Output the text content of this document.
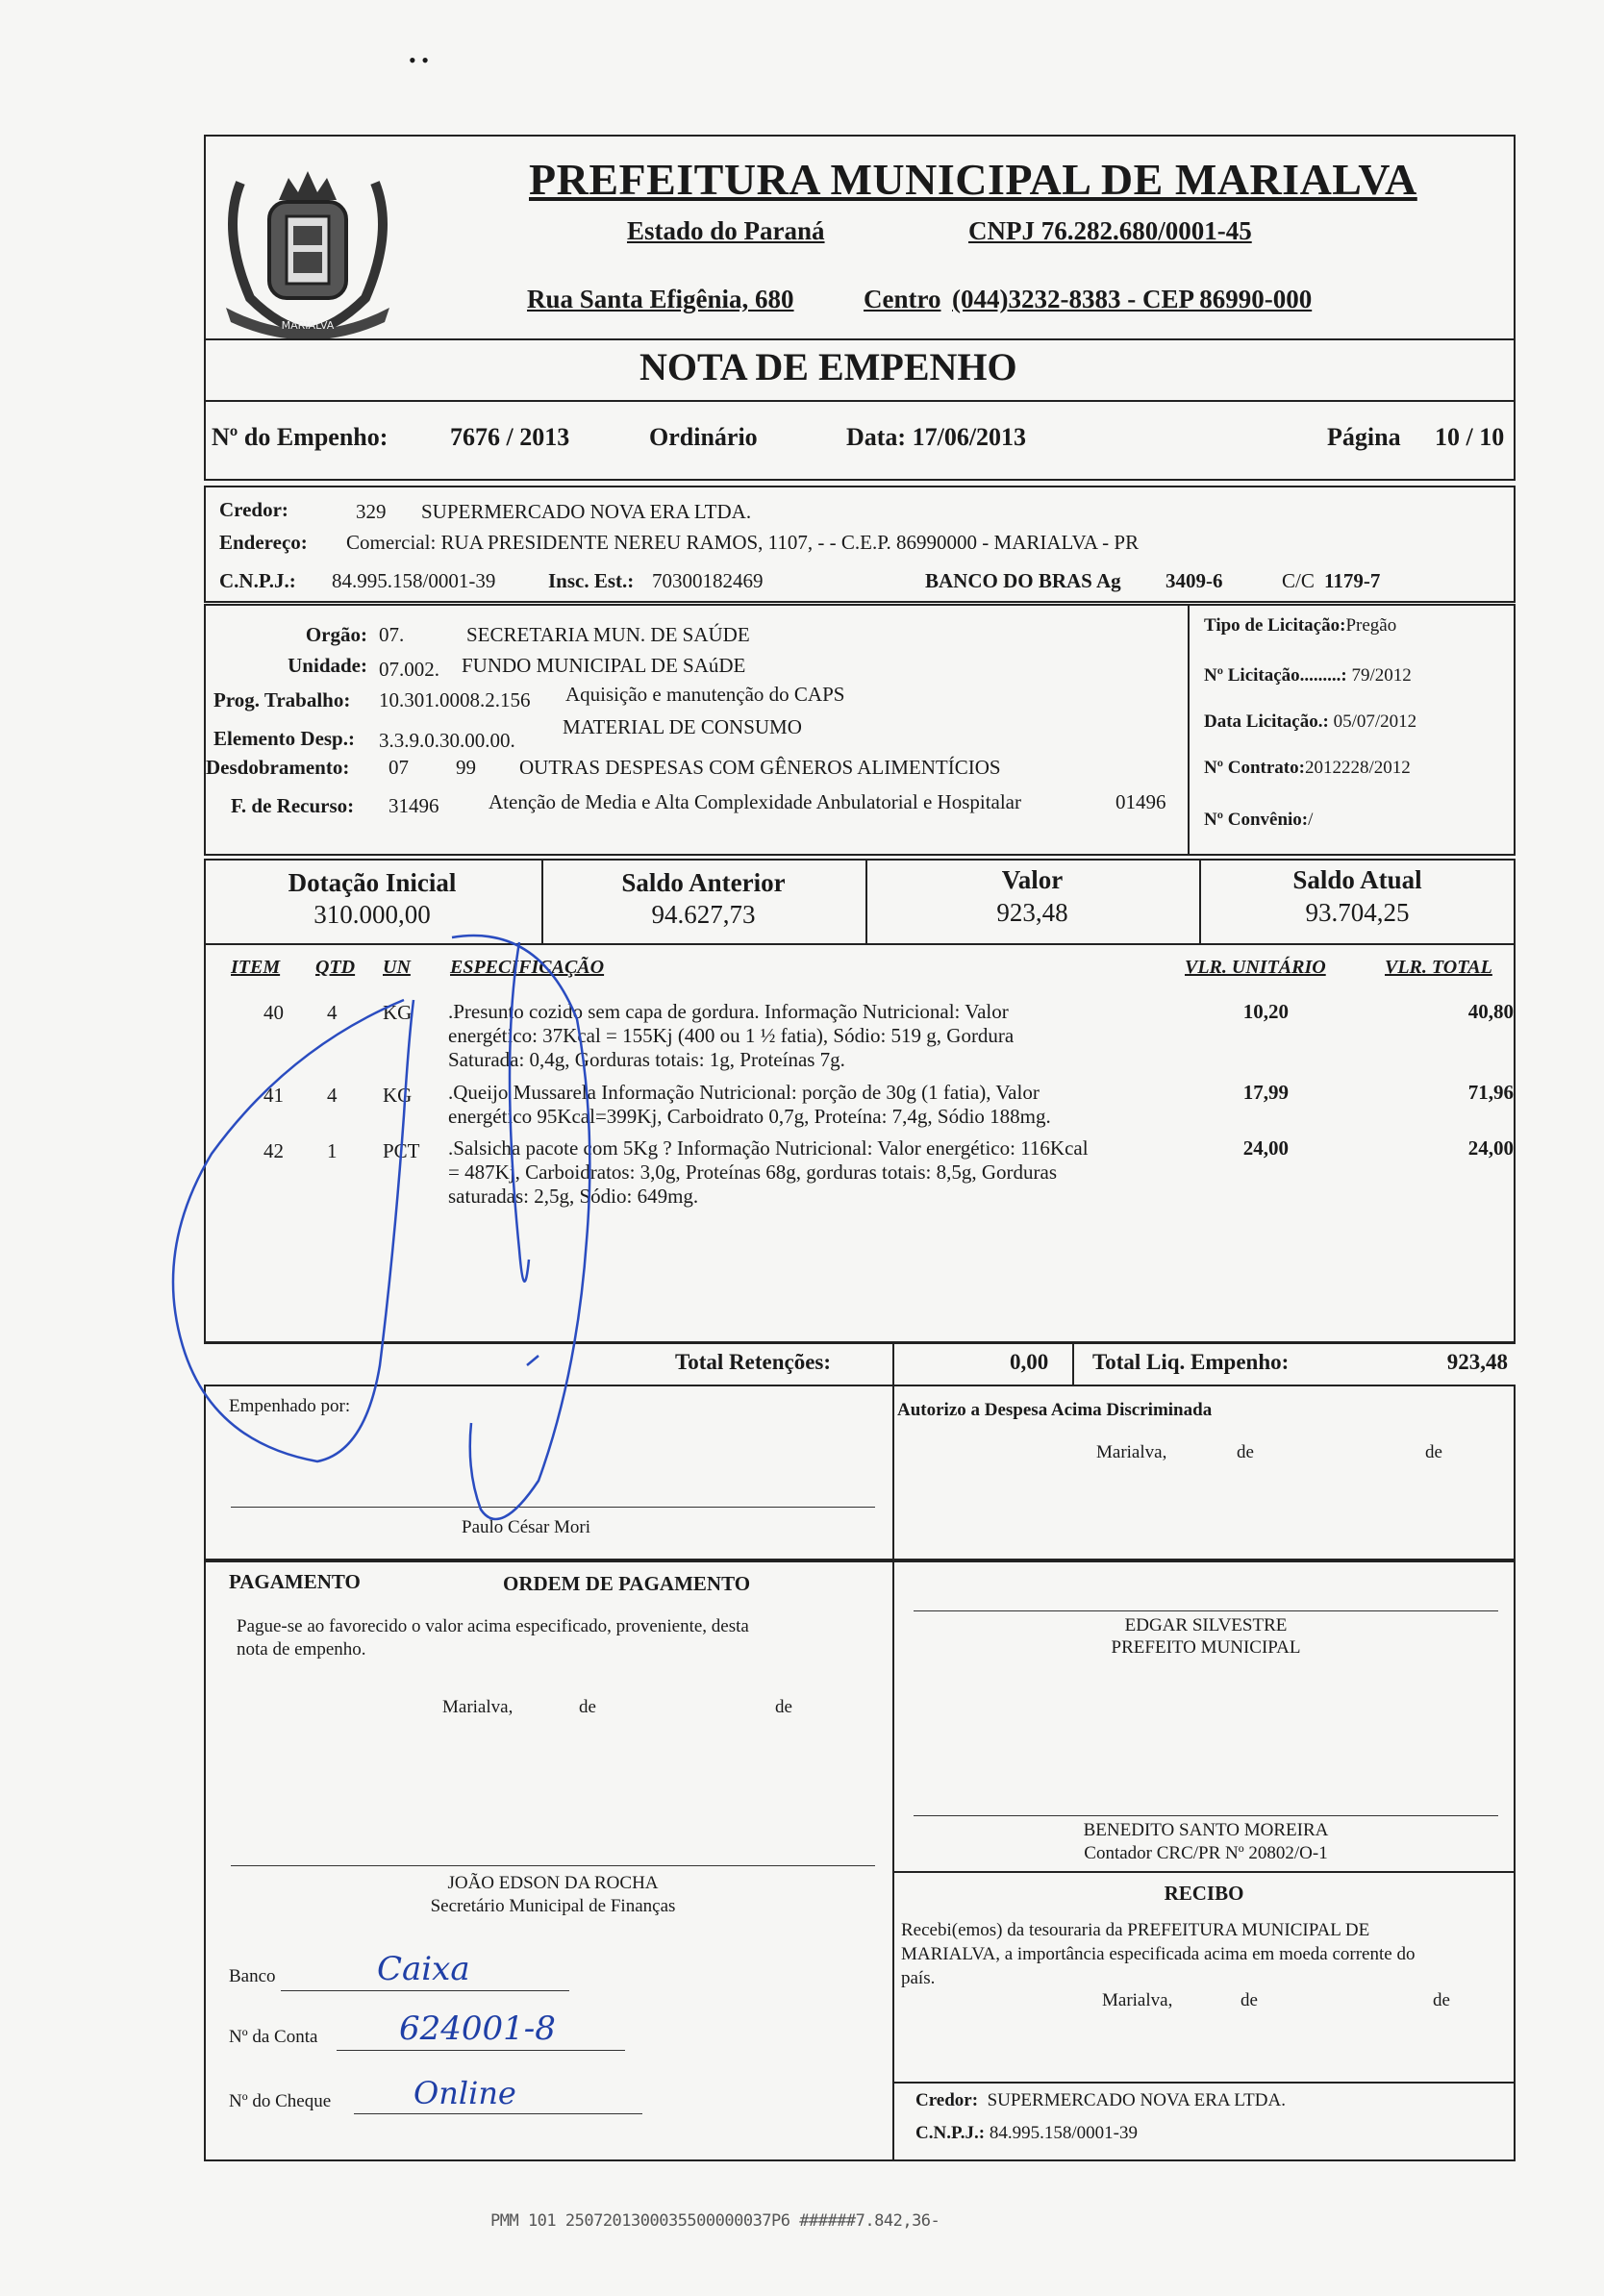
• •
MARIALVA
PREFEITURA MUNICIPAL DE MARIALVA
Estado do Paraná	CNPJ 76.282.680/0001-45
Rua Santa Efigênia, 680	Centro (044)3232-8383 - CEP 86990-000
NOTA DE EMPENHO
Nº do Empenho: 7676 / 2013	Ordinário	Data: 17/06/2013	Página 10 / 10
Credor:	329 SUPERMERCADO NOVA ERA LTDA.
Endereço: Comercial: RUA PRESIDENTE NEREU RAMOS, 1107, - - C.E.P. 86990000 - MARIALVA - PR
C.N.P.J.: 84.995.158/0001-39	Insc. Est.: 70300182469	BANCO DO BRAS Ag 3409-6	C/C 1179-7
Orgão: 07.	SECRETARIA MUN. DE SAÚDE
Unidade: 07.002. FUNDO MUNICIPAL DE SAúDE
Prog. Trabalho: 10.301.0008.2.156 Aquisição e manutenção do CAPS
Elemento Desp.: 3.3.9.0.30.00.00.
MATERIAL DE CONSUMO
Desdobramento: 07 99 OUTRAS DESPESAS COM GÊNEROS ALIMENTÍCIOS
F. de Recurso: 31496 Atenção de Media e Alta Complexidade Anbulatorial e Hospitalar	01496
Tipo de Licitação:Pregão
Nº Licitação.........: 79/2012
Data Licitação.: 05/07/2012
Nº Contrato:2012228/2012
Nº Convênio:/
Dotação Inicial
310.000,00
Saldo Anterior
94.627,73
Valor
923,48
Saldo Atual
93.704,25
ITEM QTD UN ESPECIFICAÇÃO	VLR. UNITÁRIO	VLR. TOTAL
40 4 KG .Presunto cozido sem capa de gordura. Informação Nutricional: Valor
energético: 37Kcal = 155Kj (400 ou 1 ½ fatia), Sódio: 519 g, Gordura
Saturada: 0,4g, Gorduras totais: 1g, Proteínas 7g.
10,20	40,80
41 4 KG .Queijo Mussarela Informação Nutricional: porção de 30g (1 fatia), Valor
energético 95Kcal=399Kj, Carboidrato 0,7g, Proteína: 7,4g, Sódio 188mg.
17,99	71,96
42 1 PCT .Salsicha pacote com 5Kg ? Informação Nutricional: Valor energético: 116Kcal
= 487Kj, Carboidratos: 3,0g, Proteínas 68g, gorduras totais: 8,5g, Gorduras
saturadas: 2,5g, Sódio: 649mg.
24,00	24,00
Total Retenções:	0,00 Total Liq. Empenho:	923,48
Empenhado por:
Paulo César Mori
Autorizo a Despesa Acima Discriminada
Marialva,	de	de
PAGAMENTO	ORDEM DE PAGAMENTO
Pague-se ao favorecido o valor acima especificado, proveniente, desta
nota de empenho.
Marialva,	de	de
JOÃO EDSON DA ROCHA
Secretário Municipal de Finanças
Banco	Caixa
Nº da Conta 624001-8
Nº do Cheque	Online
EDGAR SILVESTRE
PREFEITO MUNICIPAL
BENEDITO SANTO MOREIRA
Contador CRC/PR Nº 20802/O-1
RECIBO
Recebi(emos) da tesouraria da PREFEITURA MUNICIPAL DE
MARIALVA, a importância especificada acima em moeda corrente do
país.
Marialva,	de	de
Credor: SUPERMERCADO NOVA ERA LTDA.
C.N.P.J.: 84.995.158/0001-39
PMM 101 2507201300035500000037P6 ######7.842,36-
